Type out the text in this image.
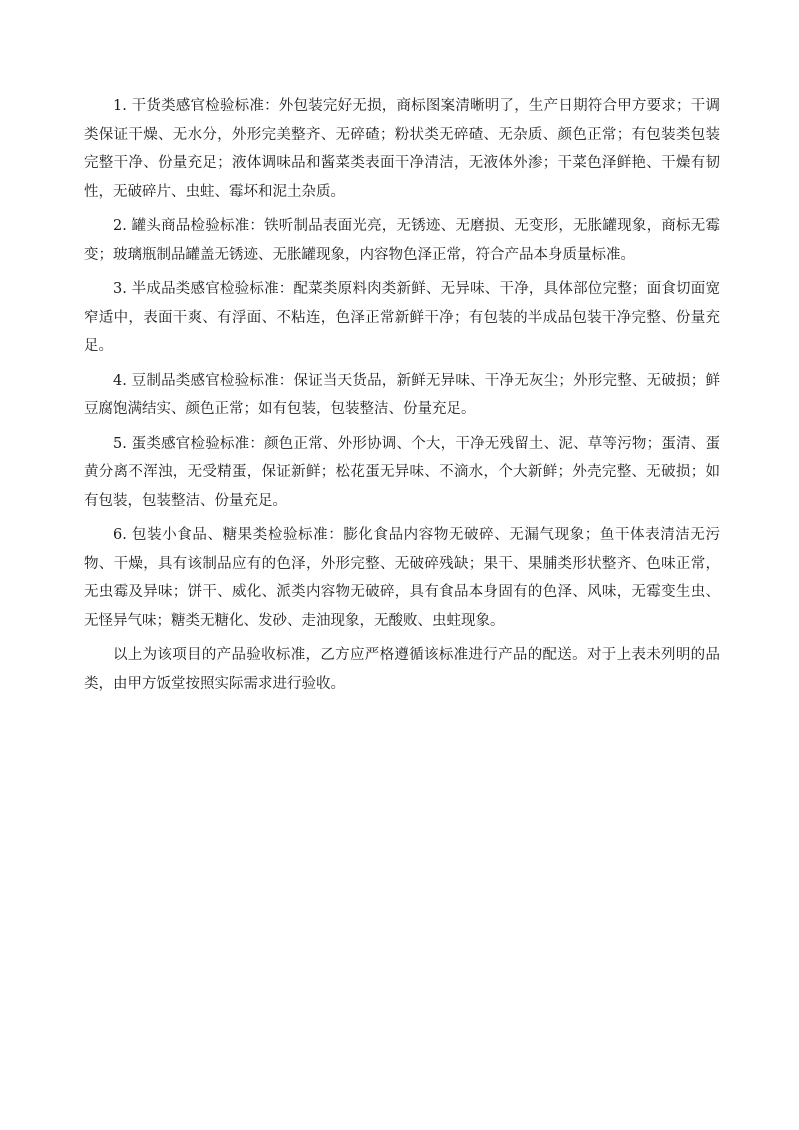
1. 干货类感官检验标准：外包装完好无损，商标图案清晰明了，生产日期符合甲方要求；干调类保证干燥、无水分，外形完美整齐、无碎碴；粉状类无碎碴、无杂质、颜色正常；有包装类包装完整干净、份量充足；液体调味品和酱菜类表面干净清洁，无液体外渗；干菜色泽鲜艳、干燥有韧性，无破碎片、虫蛀、霉坏和泥土杂质。

2. 罐头商品检验标准：铁听制品表面光亮，无锈迹、无磨损、无变形，无胀罐现象，商标无霉变；玻璃瓶制品罐盖无锈迹、无胀罐现象，内容物色泽正常，符合产品本身质量标准。

3. 半成品类感官检验标准：配菜类原料肉类新鲜、无异味、干净，具体部位完整；面食切面宽窄适中，表面干爽、有浮面、不粘连，色泽正常新鲜干净；有包装的半成品包装干净完整、份量充足。

4. 豆制品类感官检验标准：保证当天货品，新鲜无异味、干净无灰尘；外形完整、无破损；鲜豆腐饱满结实、颜色正常；如有包装，包装整洁、份量充足。

5. 蛋类感官检验标准：颜色正常、外形协调、个大，干净无残留土、泥、草等污物；蛋清、蛋黄分离不浑浊，无受精蛋，保证新鲜；松花蛋无异味、不滴水，个大新鲜；外壳完整、无破损；如有包装，包装整洁、份量充足。

6. 包装小食品、糖果类检验标准：膨化食品内容物无破碎、无漏气现象；鱼干体表清洁无污物、干燥，具有该制品应有的色泽，外形完整、无破碎残缺；果干、果脯类形状整齐、色味正常，无虫霉及异味；饼干、威化、派类内容物无破碎，具有食品本身固有的色泽、风味，无霉变生虫、无怪异气味；糖类无糖化、发砂、走油现象，无酸败、虫蛀现象。

以上为该项目的产品验收标准，乙方应严格遵循该标准进行产品的配送。对于上表未列明的品类，由甲方饭堂按照实际需求进行验收。
